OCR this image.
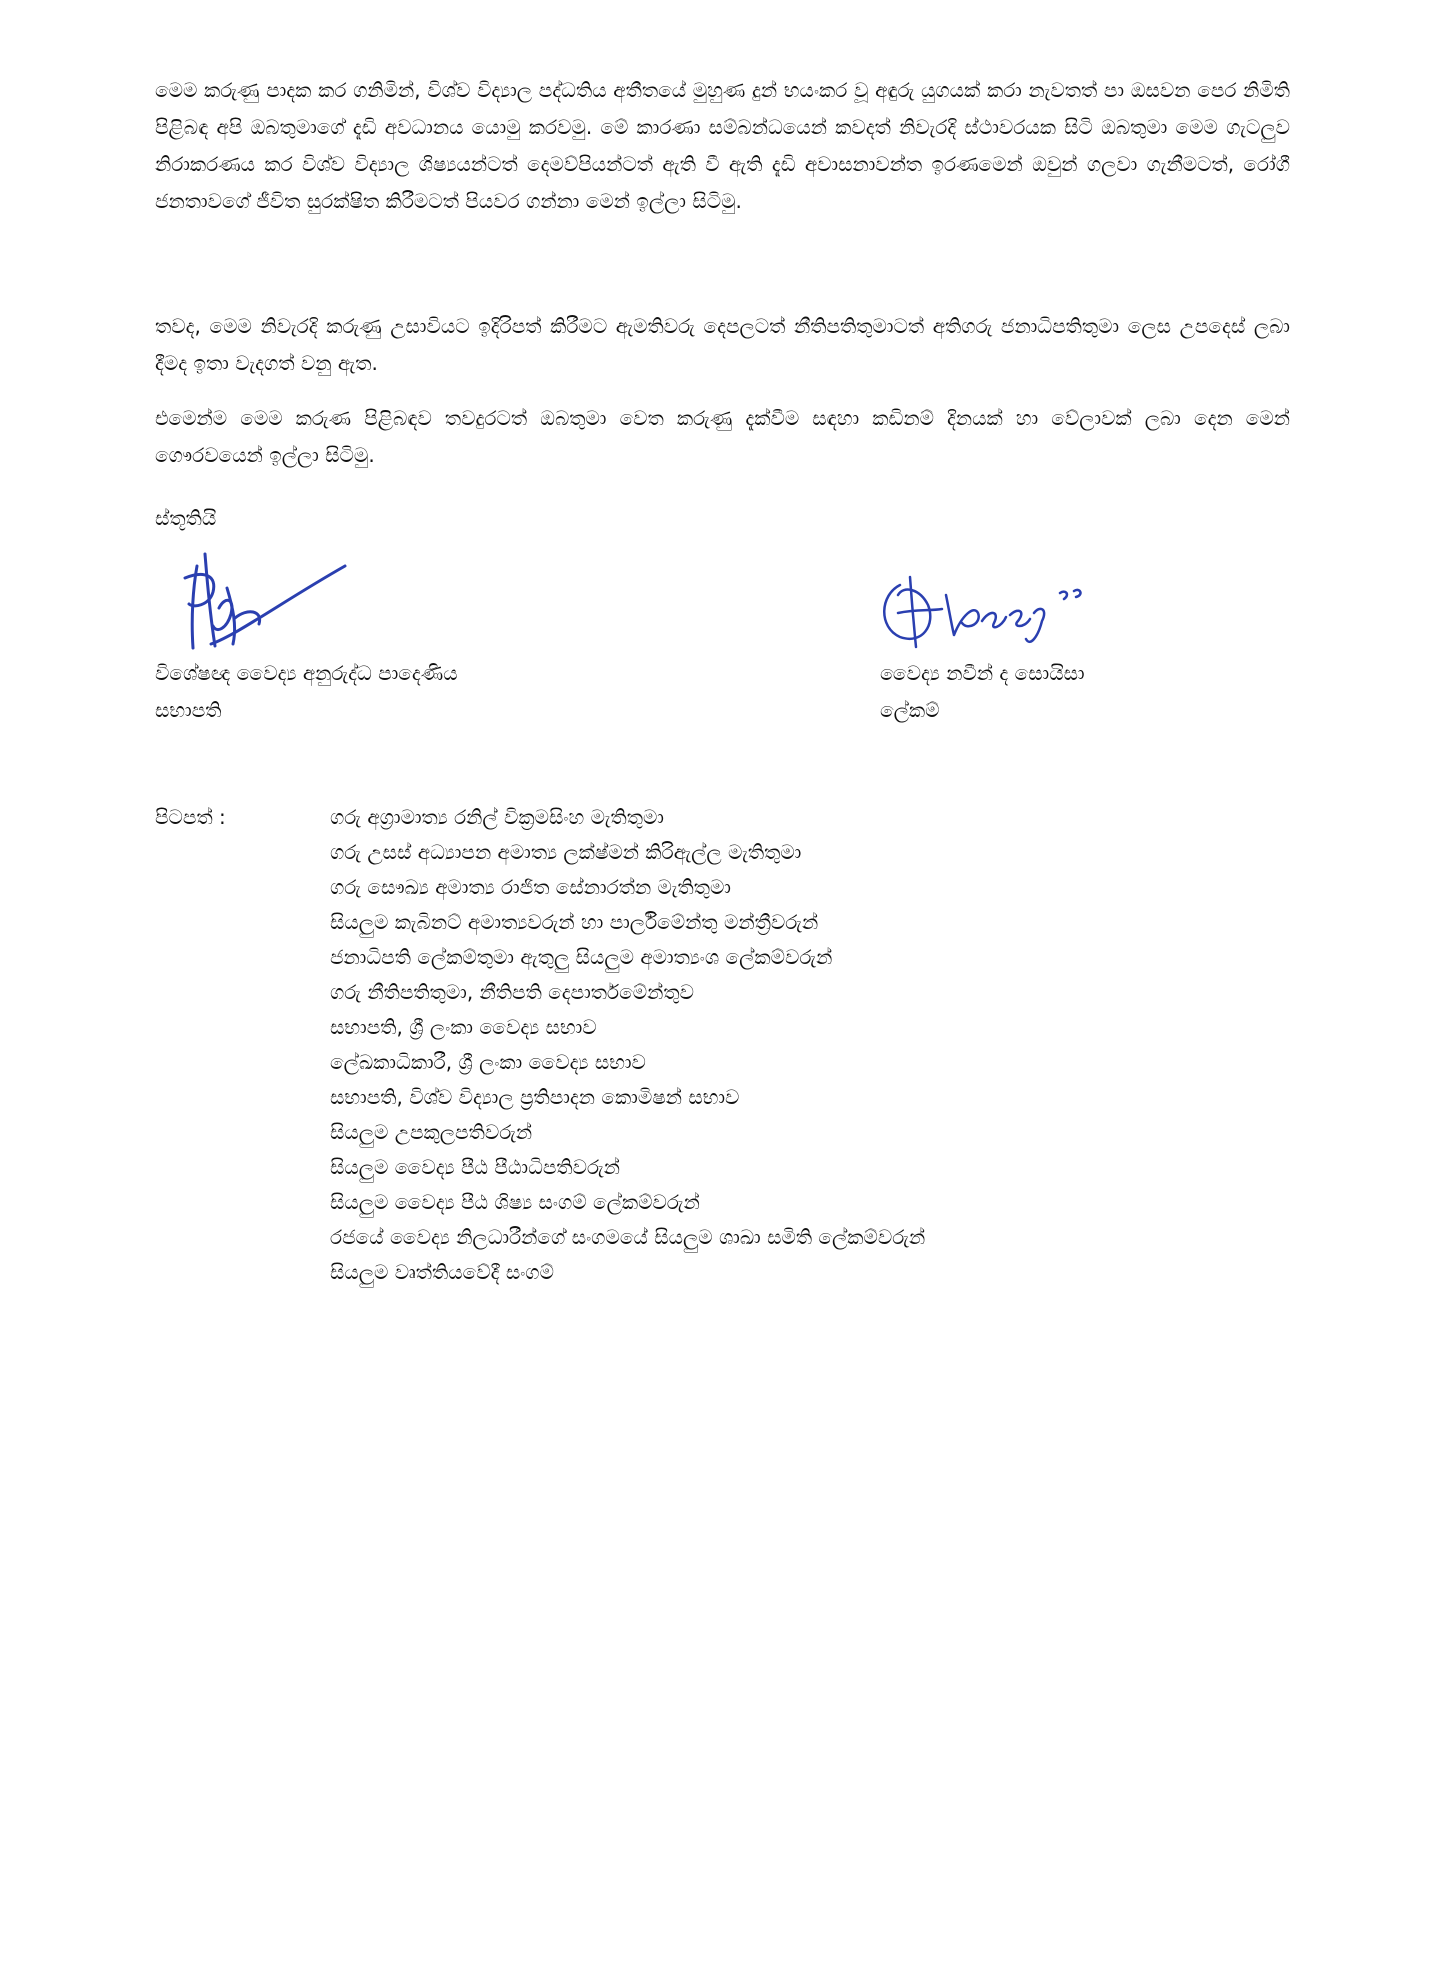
මෙම කරුණු පාදක කර ගනිමින්, විශ්ව විද්‍යාල පද්ධතිය අතීතයේ මුහුණ දුන් භයංකර වූ අඳුරු යුගයක් කරා නැවතත් පා ඔසවන පෙර නිමිති පිළිබඳ අපි ඔබතුමාගේ දැඩි අවධානය යොමු කරවමු. මේ කාරණා සම්බන්ධයෙන් කවදත් නිවැරදි ස්ථාවරයක සිටි ඔබතුමා මෙම ගැටලුව නිරාකරණය කර විශ්ව විද්‍යාල ශිෂ්‍යයන්ටත් දෙමව්පියන්ටත් ඇති වී ඇති දැඩි අවාසනාවන්ත ඉරණමෙන් ඔවුන් ගලවා ගැනීමටත්, රෝගී ජනතාවගේ ජීවිත සුරක්ෂිත කිරීමටත් පියවර ගන්නා මෙන් ඉල්ලා සිටිමු.

තවද, මෙම නිවැරදි කරුණු උසාවියට ඉදිරිපත් කිරීමට ඇමතිවරු දෙපලටත් නීතිපතිතුමාටත් අතිගරු ජනාධිපතිතුමා ලෙස උපදෙස් ලබා දීමද ඉතා වැදගත් වනු ඇත.

එමෙන්ම මෙම කරුණ පිළිබඳව තවදුරටත් ඔබතුමා වෙත කරුණු දැක්වීම සඳහා කඩිනම් දිනයක් හා වේලාවක් ලබා දෙන මෙන් ගෞරවයෙන් ඉල්ලා සිටිමු.

ස්තූතියි
විශේෂඥ වෛද්‍ය අනුරුද්ධ පාදෙණිය
සභාපති
වෛද්‍ය නවීන් ද සොයිසා
ලේකම්
පිටපත් :	ගරු අග්‍රාමාත්‍ය රනිල් වික්‍රමසිංහ මැතිතුමා
ගරු උසස් අධ්‍යාපන අමාත්‍ය ලක්ෂ්මන් කිරිඇල්ල මැතිතුමා
ගරු සෞඛ්‍ය අමාත්‍ය රාජිත සේනාරත්න මැතිතුමා
සියලුම කැබිනට් අමාත්‍යවරුන් හා පාර්ලිමේන්තු මන්ත්‍රීවරුන්
ජනාධිපති ලේකම්තුමා ඇතුලු සියලුම අමාත්‍යංශ ලේකම්වරුන්
ගරු නීතිපතිතුමා, නීතිපති දෙපාර්තමේන්තුව
සභාපති, ශ්‍රී ලංකා වෛද්‍ය සභාව
ලේඛකාධිකාරී, ශ්‍රී ලංකා වෛද්‍ය සභාව
සභාපති, විශ්ව විද්‍යාල ප්‍රතිපාදන කොමිෂන් සභාව
සියලුම උපකුලපතිවරුන්
සියලුම වෛද්‍ය පීඨ පීඨාධිපතිවරුන්
සියලුම වෛද්‍ය පීඨ ශිෂ්‍ය සංගම් ලේකම්වරුන්
රජයේ වෛද්‍ය නිලධාරීන්ගේ සංගමයේ සියලුම ශාඛා සමිති ලේකම්වරුන්
සියලුම වෘත්තියවේදී සංගම්
